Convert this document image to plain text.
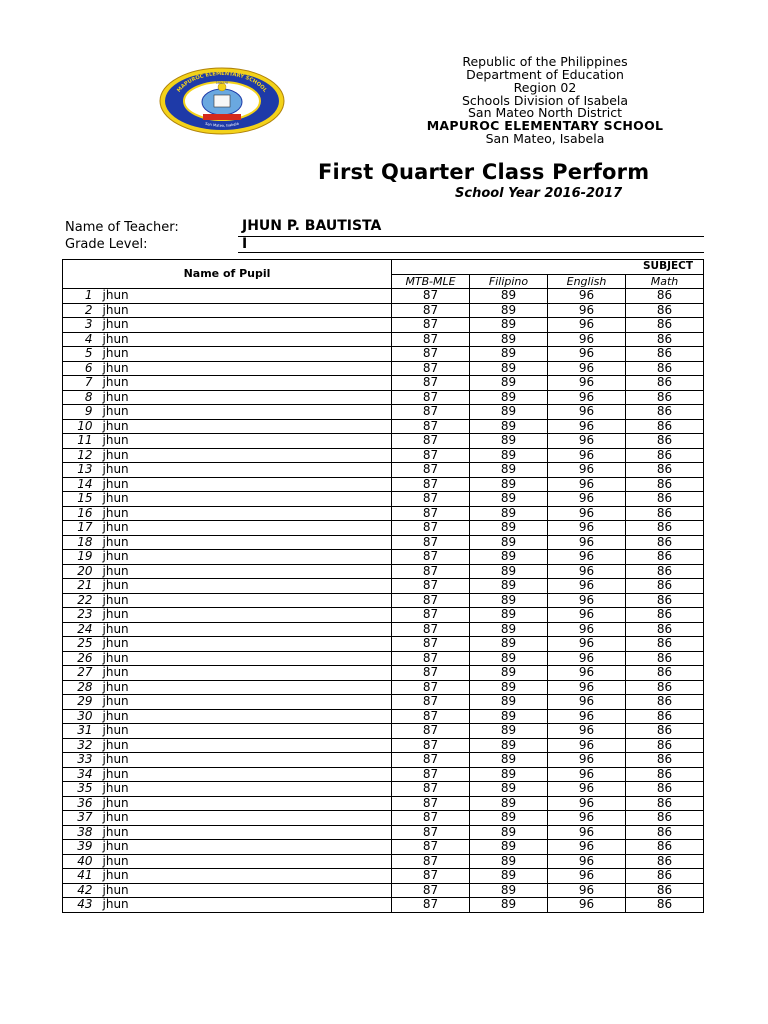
MAPUROC ELEMENTARY SCHOOL
San Mateo, Isabela
105770
Republic of the Philippines
Department of Education
Region 02
Schools Division of Isabela
San Mateo North District
MAPUROC ELEMENTARY SCHOOL
San Mateo, Isabela
First Quarter Class Perform
School Year 2016-2017
Name of Teacher:	JHUN P. BAUTISTA
Grade Level:	I
Name of Pupil		SUBJECT			
		MTB-MLE	Filipino	English	Math
1	jhun	87	89	96	86
2	jhun	87	89	96	86
3	jhun	87	89	96	86
4	jhun	87	89	96	86
5	jhun	87	89	96	86
6	jhun	87	89	96	86
7	jhun	87	89	96	86
8	jhun	87	89	96	86
9	jhun	87	89	96	86
10	jhun	87	89	96	86
11	jhun	87	89	96	86
12	jhun	87	89	96	86
13	jhun	87	89	96	86
14	jhun	87	89	96	86
15	jhun	87	89	96	86
16	jhun	87	89	96	86
17	jhun	87	89	96	86
18	jhun	87	89	96	86
19	jhun	87	89	96	86
20	jhun	87	89	96	86
21	jhun	87	89	96	86
22	jhun	87	89	96	86
23	jhun	87	89	96	86
24	jhun	87	89	96	86
25	jhun	87	89	96	86
26	jhun	87	89	96	86
27	jhun	87	89	96	86
28	jhun	87	89	96	86
29	jhun	87	89	96	86
30	jhun	87	89	96	86
31	jhun	87	89	96	86
32	jhun	87	89	96	86
33	jhun	87	89	96	86
34	jhun	87	89	96	86
35	jhun	87	89	96	86
36	jhun	87	89	96	86
37	jhun	87	89	96	86
38	jhun	87	89	96	86
39	jhun	87	89	96	86
40	jhun	87	89	96	86
41	jhun	87	89	96	86
42	jhun	87	89	96	86
43	jhun	87	89	96	86
